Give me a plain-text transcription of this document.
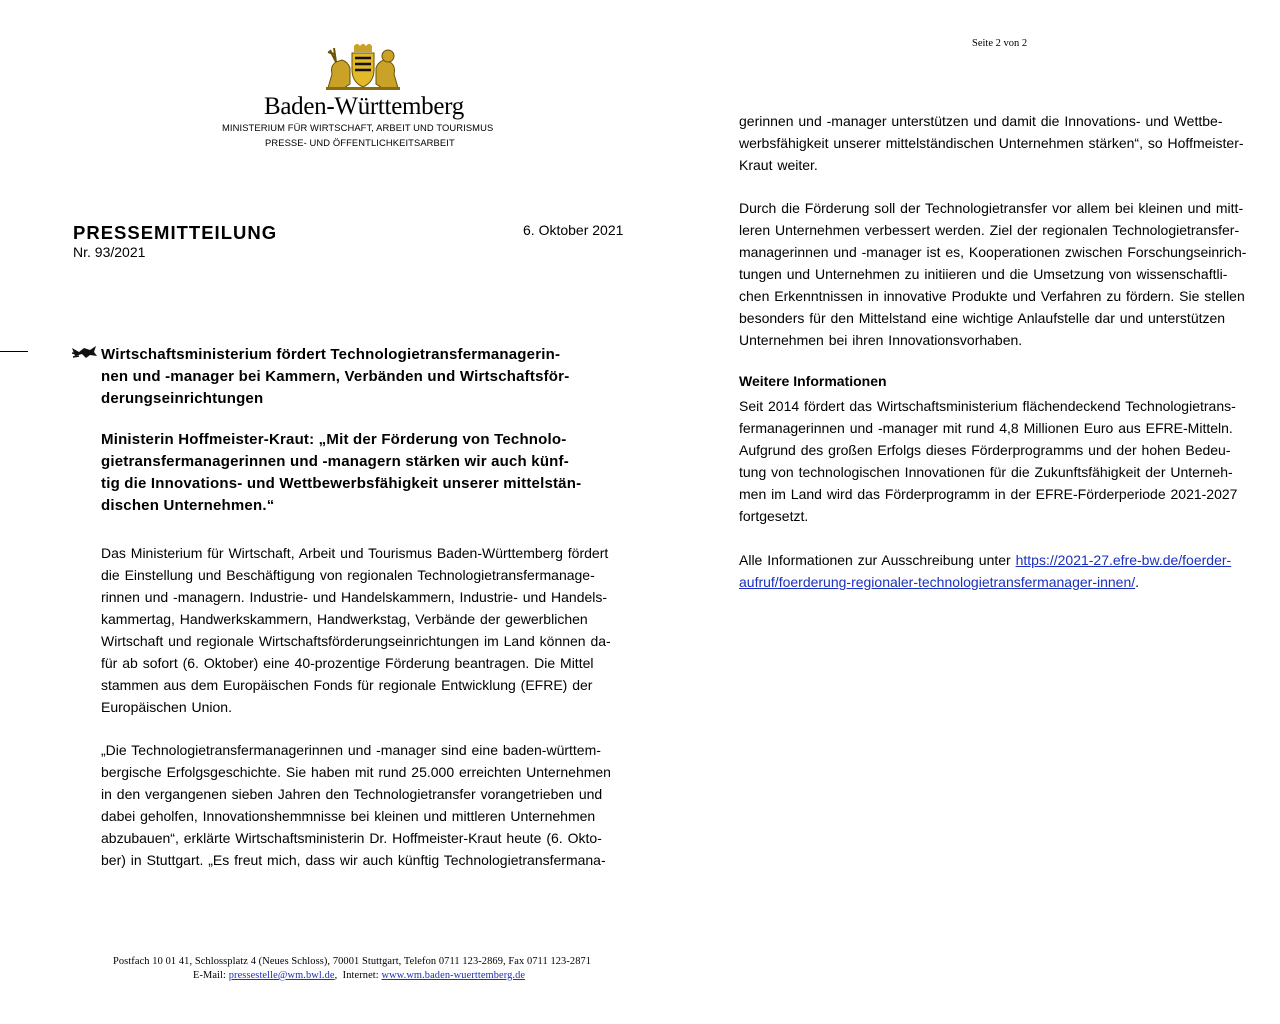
Baden-Württemberg
MINISTERIUM FÜR WIRTSCHAFT, ARBEIT UND TOURISMUS
PRESSE- UND ÖFFENTLICHKEITSARBEIT
PRESSEMITTEILUNG
Nr. 93/2021
6. Oktober 2021
Wirtschaftsministerium fördert Technologietransfermanagerin-
nen und -manager bei Kammern, Verbänden und Wirtschaftsför-
derungseinrichtungen
Ministerin Hoffmeister-Kraut: „Mit der Förderung von Technolo-
gietransfermanagerinnen und -managern stärken wir auch künf-
tig die Innovations- und Wettbewerbsfähigkeit unserer mittelstän-
dischen Unternehmen.“
Das Ministerium für Wirtschaft, Arbeit und Tourismus Baden-Württemberg fördert
die Einstellung und Beschäftigung von regionalen Technologietransfermanage-
rinnen und -managern. Industrie- und Handelskammern, Industrie- und Handels-
kammertag, Handwerkskammern, Handwerkstag, Verbände der gewerblichen
Wirtschaft und regionale Wirtschaftsförderungseinrichtungen im Land können da-
für ab sofort (6. Oktober) eine 40-prozentige Förderung beantragen. Die Mittel
stammen aus dem Europäischen Fonds für regionale Entwicklung (EFRE) der
Europäischen Union.
„Die Technologietransfermanagerinnen und -manager sind eine baden-württem-
bergische Erfolgsgeschichte. Sie haben mit rund 25.000 erreichten Unternehmen
in den vergangenen sieben Jahren den Technologietransfer vorangetrieben und
dabei geholfen, Innovationshemmnisse bei kleinen und mittleren Unternehmen
abzubauen“, erklärte Wirtschaftsministerin Dr. Hoffmeister-Kraut heute (6. Okto-
ber) in Stuttgart. „Es freut mich, dass wir auch künftig Technologietransfermana-
Postfach 10 01 41, Schlossplatz 4 (Neues Schloss), 70001 Stuttgart, Telefon 0711 123-2869, Fax 0711 123-2871
E-Mail: pressestelle@wm.bwl.de,  Internet: www.wm.baden-wuerttemberg.de
Seite 2 von 2
gerinnen und -manager unterstützen und damit die Innovations- und Wettbe-
werbsfähigkeit unserer mittelständischen Unternehmen stärken“, so Hoffmeister-
Kraut weiter.
Durch die Förderung soll der Technologietransfer vor allem bei kleinen und mitt-
leren Unternehmen verbessert werden. Ziel der regionalen Technologietransfer-
managerinnen und -manager ist es, Kooperationen zwischen Forschungseinrich-
tungen und Unternehmen zu initiieren und die Umsetzung von wissenschaftli-
chen Erkenntnissen in innovative Produkte und Verfahren zu fördern. Sie stellen
besonders für den Mittelstand eine wichtige Anlaufstelle dar und unterstützen
Unternehmen bei ihren Innovationsvorhaben.
Weitere Informationen
Seit 2014 fördert das Wirtschaftsministerium flächendeckend Technologietrans-
fermanagerinnen und -manager mit rund 4,8 Millionen Euro aus EFRE-Mitteln.
Aufgrund des großen Erfolgs dieses Förderprogramms und der hohen Bedeu-
tung von technologischen Innovationen für die Zukunftsfähigkeit der Unterneh-
men im Land wird das Förderprogramm in der EFRE-Förderperiode 2021-2027
fortgesetzt.
Alle Informationen zur Ausschreibung unter https://2021-27.efre-bw.de/foerder-
aufruf/foerderung-regionaler-technologietransfermanager-innen/.
